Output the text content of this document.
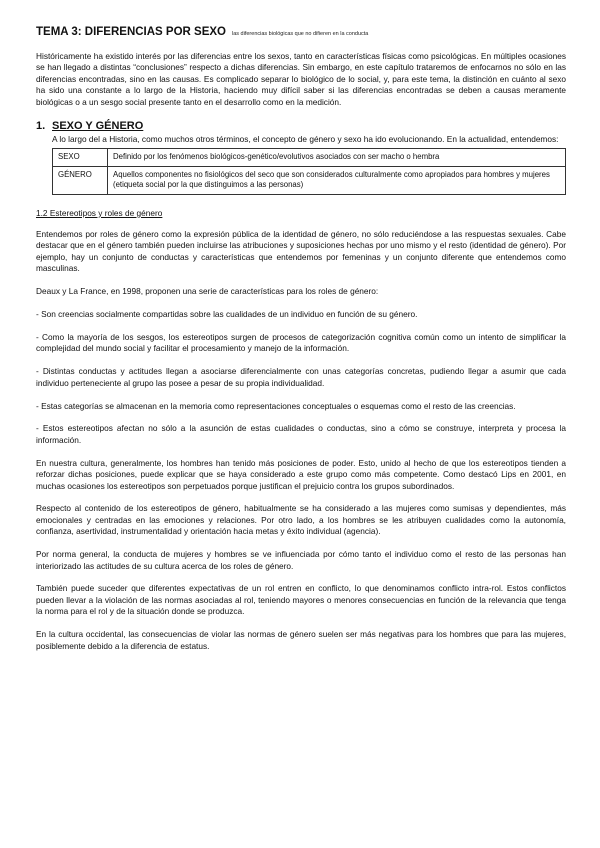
TEMA 3: DIFERENCIAS POR SEXO las diferencias biológicas que no difieren en la conducta

Históricamente ha existido interés por las diferencias entre los sexos, tanto en características físicas como psicológicas. En múltiples ocasiones se han llegado a distintas “conclusiones” respecto a dichas diferencias. Sin embargo, en este capítulo trataremos de enfocarnos no sólo en las diferencias encontradas, sino en las causas. Es complicado separar lo biológico de lo social, y, para este tema, la distinción en cuánto al sexo ha sido una constante a lo largo de la Historia, haciendo muy difícil saber si las diferencias encontradas se deben a causas meramente biológicas o a un sesgo social presente tanto en el desarrollo como en la medición.

1. SEXO Y GÉNERO

A lo largo del a Historia, como muchos otros términos, el concepto de género y sexo ha ido evolucionando. En la actualidad, entendemos:

SEXO	Definido por los fenómenos biológicos-genético/evolutivos asociados con ser macho o hembra
GÉNERO	Aquellos componentes no fisiológicos del seco que son considerados culturalmente como apropiados para hombres y mujeres (etiqueta social por la que distinguimos a las personas)
1.2 Estereotipos y roles de género

Entendemos por roles de género como la expresión pública de la identidad de género, no sólo reduciéndose a las respuestas sexuales. Cabe destacar que en el género también pueden incluirse las atribuciones y suposiciones hechas por uno mismo y el resto (identidad de género). Por ejemplo, hay un conjunto de conductas y características que entendemos por femeninas y un conjunto diferente que entendemos como masculinas.

Deaux y La France, en 1998, proponen una serie de características para los roles de género:

- Son creencias socialmente compartidas sobre las cualidades de un individuo en función de su género.

- Como la mayoría de los sesgos, los estereotipos surgen de procesos de categorización cognitiva común como un intento de simplificar la complejidad del mundo social y facilitar el procesamiento y manejo de la información.

- Distintas conductas y actitudes llegan a asociarse diferencialmente con unas categorías concretas, pudiendo llegar a asumir que cada individuo perteneciente al grupo las posee a pesar de su propia individualidad.

- Estas categorías se almacenan en la memoria como representaciones conceptuales o esquemas como el resto de las creencias.

- Estos estereotipos afectan no sólo a la asunción de estas cualidades o conductas, sino a cómo se construye, interpreta y procesa la información.

En nuestra cultura, generalmente, los hombres han tenido más posiciones de poder. Esto, unido al hecho de que los estereotipos tienden a reforzar dichas posiciones, puede explicar que se haya considerado a este grupo como más competente. Como destacó Lips en 2001, en muchas ocasiones los estereotipos son perpetuados porque justifican el prejuicio contra los grupos subordinados.

Respecto al contenido de los estereotipos de género, habitualmente se ha considerado a las mujeres como sumisas y dependientes, más emocionales y centradas en las emociones y relaciones. Por otro lado, a los hombres se les atribuyen cualidades como la autonomía, confianza, asertividad, instrumentalidad y orientación hacia metas y éxito individual (agencia).

Por norma general, la conducta de mujeres y hombres se ve influenciada por cómo tanto el individuo como el resto de las personas han interiorizado las actitudes de su cultura acerca de los roles de género.

También puede suceder que diferentes expectativas de un rol entren en conflicto, lo que denominamos conflicto intra-rol. Estos conflictos pueden llevar a la violación de las normas asociadas al rol, teniendo mayores o menores consecuencias en función de la relevancia que tenga la norma para el rol y de la situación donde se produzca.

En la cultura occidental, las consecuencias de violar las normas de género suelen ser más negativas para los hombres que para las mujeres, posiblemente debido a la diferencia de estatus.
